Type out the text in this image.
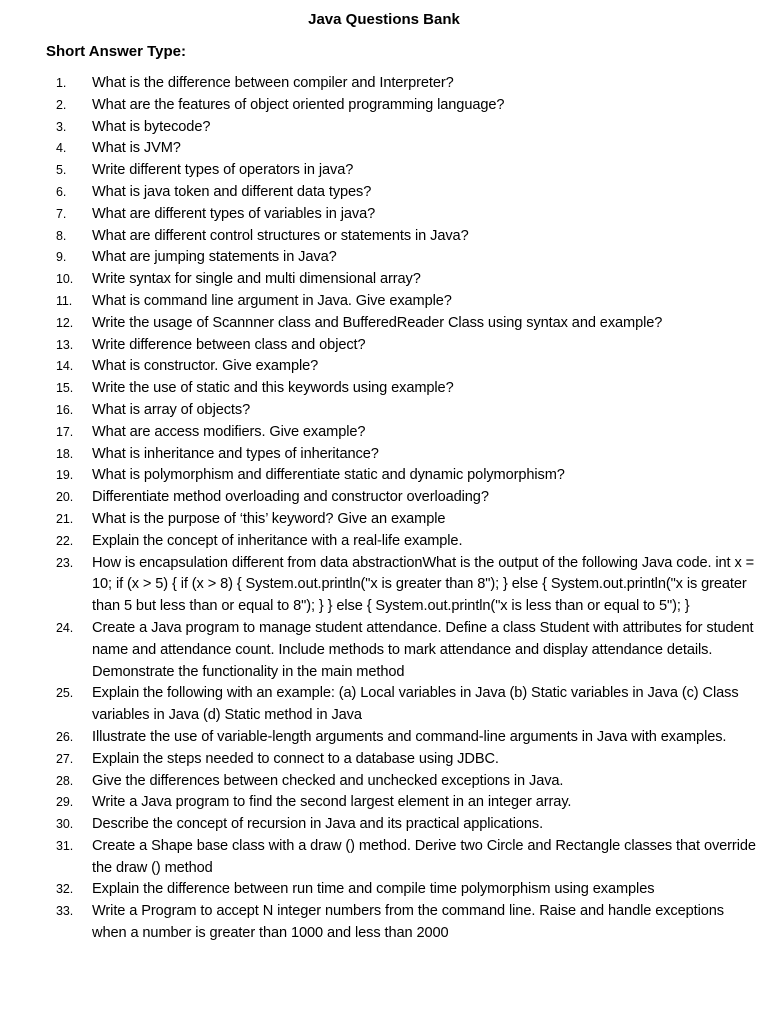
Java Questions Bank
Short Answer Type:
1.	What is the difference between compiler and Interpreter?
2.	What are the features of object oriented programming language?
3.	What is bytecode?
4.	What is JVM?
5.	Write different types of operators in java?
6.	What is java token and different data types?
7.	What are different types of variables in java?
8.	What are different control structures or statements in Java?
9.	What are jumping statements in Java?
10.	Write syntax for single and multi dimensional array?
11.	What is command line argument in Java. Give example?
12.	Write the usage of Scannner class and BufferedReader Class using syntax and example?
13.	Write difference between class and object?
14.	What is constructor. Give example?
15.	Write the use of static and this keywords using example?
16.	What is array of objects?
17.	What are access modifiers. Give example?
18.	What is inheritance and types of inheritance?
19.	What is polymorphism and differentiate static and dynamic polymorphism?
20.	Differentiate method overloading and constructor overloading?
21.	What is the purpose of ‘this’ keyword? Give an example
22.	Explain the concept of inheritance with a real-life example.
23.	How is encapsulation different from data abstractionWhat is the output of the following Java code. int x = 10; if (x > 5) { if (x > 8) { System.out.println("x is greater than 8"); } else { System.out.println("x is greater than 5 but less than or equal to 8"); } } else { System.out.println("x is less than or equal to 5"); }
24.	Create a Java program to manage student attendance. Define a class Student with attributes for student name and attendance count. Include methods to mark attendance and display attendance details. Demonstrate the functionality in the main method
25.	Explain the following with an example: (a) Local variables in Java (b) Static variables in Java (c) Class variables in Java (d) Static method in Java
26.	Illustrate the use of variable-length arguments and command-line arguments in Java with examples.
27.	Explain the steps needed to connect to a database using JDBC.
28.	Give the differences between checked and unchecked exceptions in Java.
29.	Write a Java program to find the second largest element in an integer array.
30.	Describe the concept of recursion in Java and its practical applications.
31.	Create a Shape base class with a draw () method. Derive two Circle and Rectangle classes that override the draw () method
32.	Explain the difference between run time and compile time polymorphism using examples
33.	Write a Program to accept N integer numbers from the command line. Raise and handle exceptions when a number is greater than 1000 and less than 2000
